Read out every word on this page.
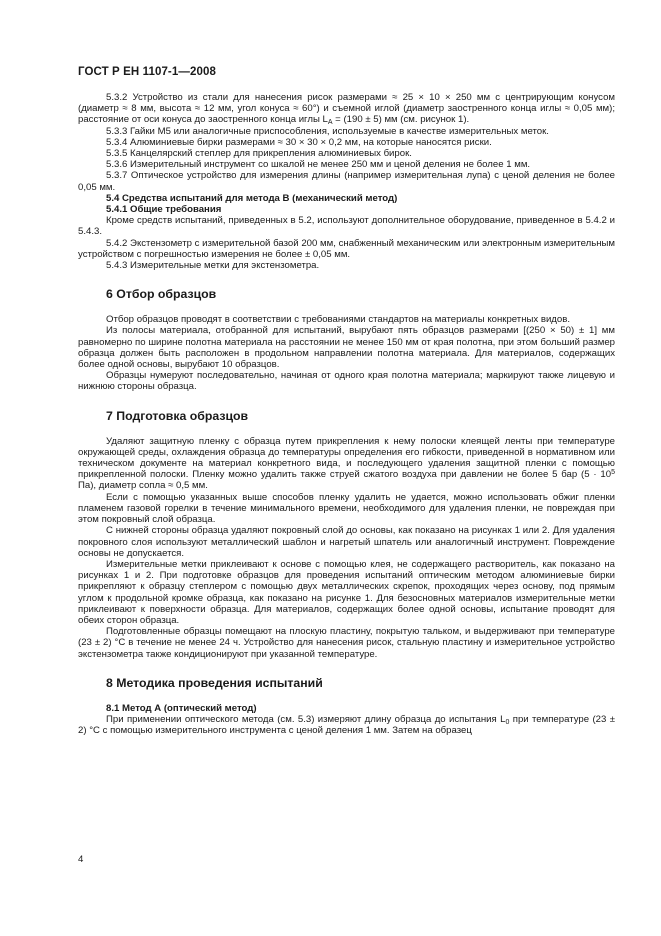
ГОСТ Р ЕН 1107-1—2008

5.3.2 Устройство из стали для нанесения рисок размерами ≈ 25 × 10 × 250 мм с центрирующим конусом (диаметр ≈ 8 мм, высота ≈ 12 мм, угол конуса ≈ 60°) и съемной иглой (диаметр заостренного конца иглы ≈ 0,05 мм); расстояние от оси конуса до заостренного конца иглы $L_A = (190 \pm 5)$ мм (см. рисунок 1).

5.3.3 Гайки М5 или аналогичные приспособления, используемые в качестве измерительных меток.

5.3.4 Алюминиевые бирки размерами ≈ 30 × 30 × 0,2 мм, на которые наносятся риски.

5.3.5 Канцелярский степлер для прикрепления алюминиевых бирок.

5.3.6 Измерительный инструмент со шкалой не менее 250 мм и ценой деления не более 1 мм.

5.3.7 Оптическое устройство для измерения длины (например измерительная лупа) с ценой деления не более 0,05 мм.

5.4 Средства испытаний для метода В (механический метод)

5.4.1 Общие требования

Кроме средств испытаний, приведенных в 5.2, используют дополнительное оборудование, приведенное в 5.4.2 и 5.4.3.

5.4.2 Экстензометр с измерительной базой 200 мм, снабженный механическим или электронным измерительным устройством с погрешностью измерения не более ± 0,05 мм.

5.4.3 Измерительные метки для экстензометра.

6 Отбор образцов

Отбор образцов проводят в соответствии с требованиями стандартов на материалы конкретных видов.

Из полосы материала, отобранной для испытаний, вырубают пять образцов размерами [(250 × 50) ± 1] мм равномерно по ширине полотна материала на расстоянии не менее 150 мм от края полотна, при этом больший размер образца должен быть расположен в продольном направлении полотна материала. Для материалов, содержащих более одной основы, вырубают 10 образцов.

Образцы нумеруют последовательно, начиная от одного края полотна материала; маркируют также лицевую и нижнюю стороны образца.

7 Подготовка образцов

Удаляют защитную пленку с образца путем прикрепления к нему полоски клеящей ленты при температуре окружающей среды, охлаждения образца до температуры определения его гибкости, приведенной в нормативном или техническом документе на материал конкретного вида, и последующего удаления защитной пленки с помощью прикрепленной полоски. Пленку можно удалить также струей сжатого воздуха при давлении не более 5 бар ($5 \cdot 10^5$ Па), диаметр сопла ≈ 0,5 мм.

Если с помощью указанных выше способов пленку удалить не удается, можно использовать обжиг пленки пламенем газовой горелки в течение минимального времени, необходимого для удаления пленки, не повреждая при этом покровный слой образца.

С нижней стороны образца удаляют покровный слой до основы, как показано на рисунках 1 или 2. Для удаления покровного слоя используют металлический шаблон и нагретый шпатель или аналогичный инструмент. Повреждение основы не допускается.

Измерительные метки приклеивают к основе с помощью клея, не содержащего растворитель, как показано на рисунках 1 и 2. При подготовке образцов для проведения испытаний оптическим методом алюминиевые бирки прикрепляют к образцу степлером с помощью двух металлических скрепок, проходящих через основу, под прямым углом к продольной кромке образца, как показано на рисунке 1. Для безосновных материалов измерительные метки приклеивают к поверхности образца. Для материалов, содержащих более одной основы, испытание проводят для обеих сторон образца.

Подготовленные образцы помещают на плоскую пластину, покрытую тальком, и выдерживают при температуре (23 ± 2) °С в течение не менее 24 ч. Устройство для нанесения рисок, стальную пластину и измерительное устройство экстензометра также кондиционируют при указанной температуре.

8 Методика проведения испытаний

8.1 Метод А (оптический метод)

При применении оптического метода (см. 5.3) измеряют длину образца до испытания $L_0$ при температуре (23 ± 2) °С с помощью измерительного инструмента с ценой деления 1 мм. Затем на образец

4
